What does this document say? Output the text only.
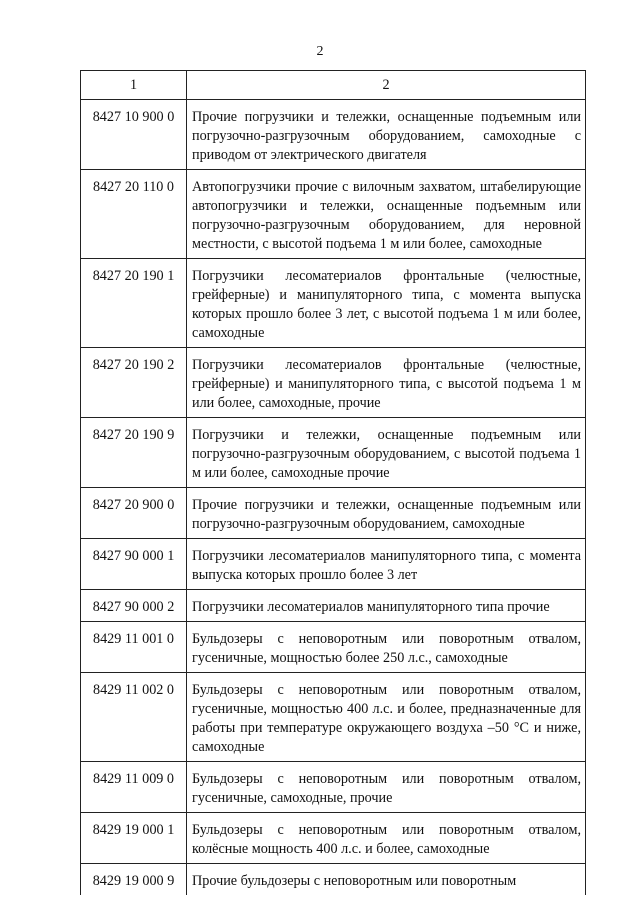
2
1	2
8427 10 900 0	Прочие погрузчики и тележки, оснащенные подъемным или погрузочно-разгрузочным оборудованием, самоходные с приводом от электрического двигателя
8427 20 110 0	Автопогрузчики прочие с вилочным захватом, штабелирующие автопогрузчики и тележки, оснащенные подъемным или погрузочно-разгрузочным оборудованием, для неровной местности, с высотой подъема 1 м или более, самоходные
8427 20 190 1	Погрузчики лесоматериалов фронтальные (челюстные, грейферные) и манипуляторного типа, с момента выпуска которых прошло более 3 лет, с высотой подъема 1 м или более, самоходные
8427 20 190 2	Погрузчики лесоматериалов фронтальные (челюстные, грейферные) и манипуляторного типа, с высотой подъема 1 м или более, самоходные, прочие
8427 20 190 9	Погрузчики и тележки, оснащенные подъемным или погрузочно-разгрузочным оборудованием, с высотой подъема 1 м или более, самоходные прочие
8427 20 900 0	Прочие погрузчики и тележки, оснащенные подъемным или погрузочно-разгрузочным оборудованием, самоходные
8427 90 000 1	Погрузчики лесоматериалов манипуляторного типа, с момента выпуска которых прошло более 3 лет
8427 90 000 2	Погрузчики лесоматериалов манипуляторного типа прочие
8429 11 001 0	Бульдозеры с неповоротным или поворотным отвалом, гусеничные, мощностью более 250 л.с., самоходные
8429 11 002 0	Бульдозеры с неповоротным или поворотным отвалом, гусеничные, мощностью 400 л.с. и более, предназначенные для работы при температуре окружающего воздуха –50 °С и ниже, самоходные
8429 11 009 0	Бульдозеры с неповоротным или поворотным отвалом, гусеничные, самоходные, прочие
8429 19 000 1	Бульдозеры с неповоротным или поворотным отвалом, колёсные мощность 400 л.с. и более, самоходные
8429 19 000 9	Прочие бульдозеры с неповоротным или поворотным
